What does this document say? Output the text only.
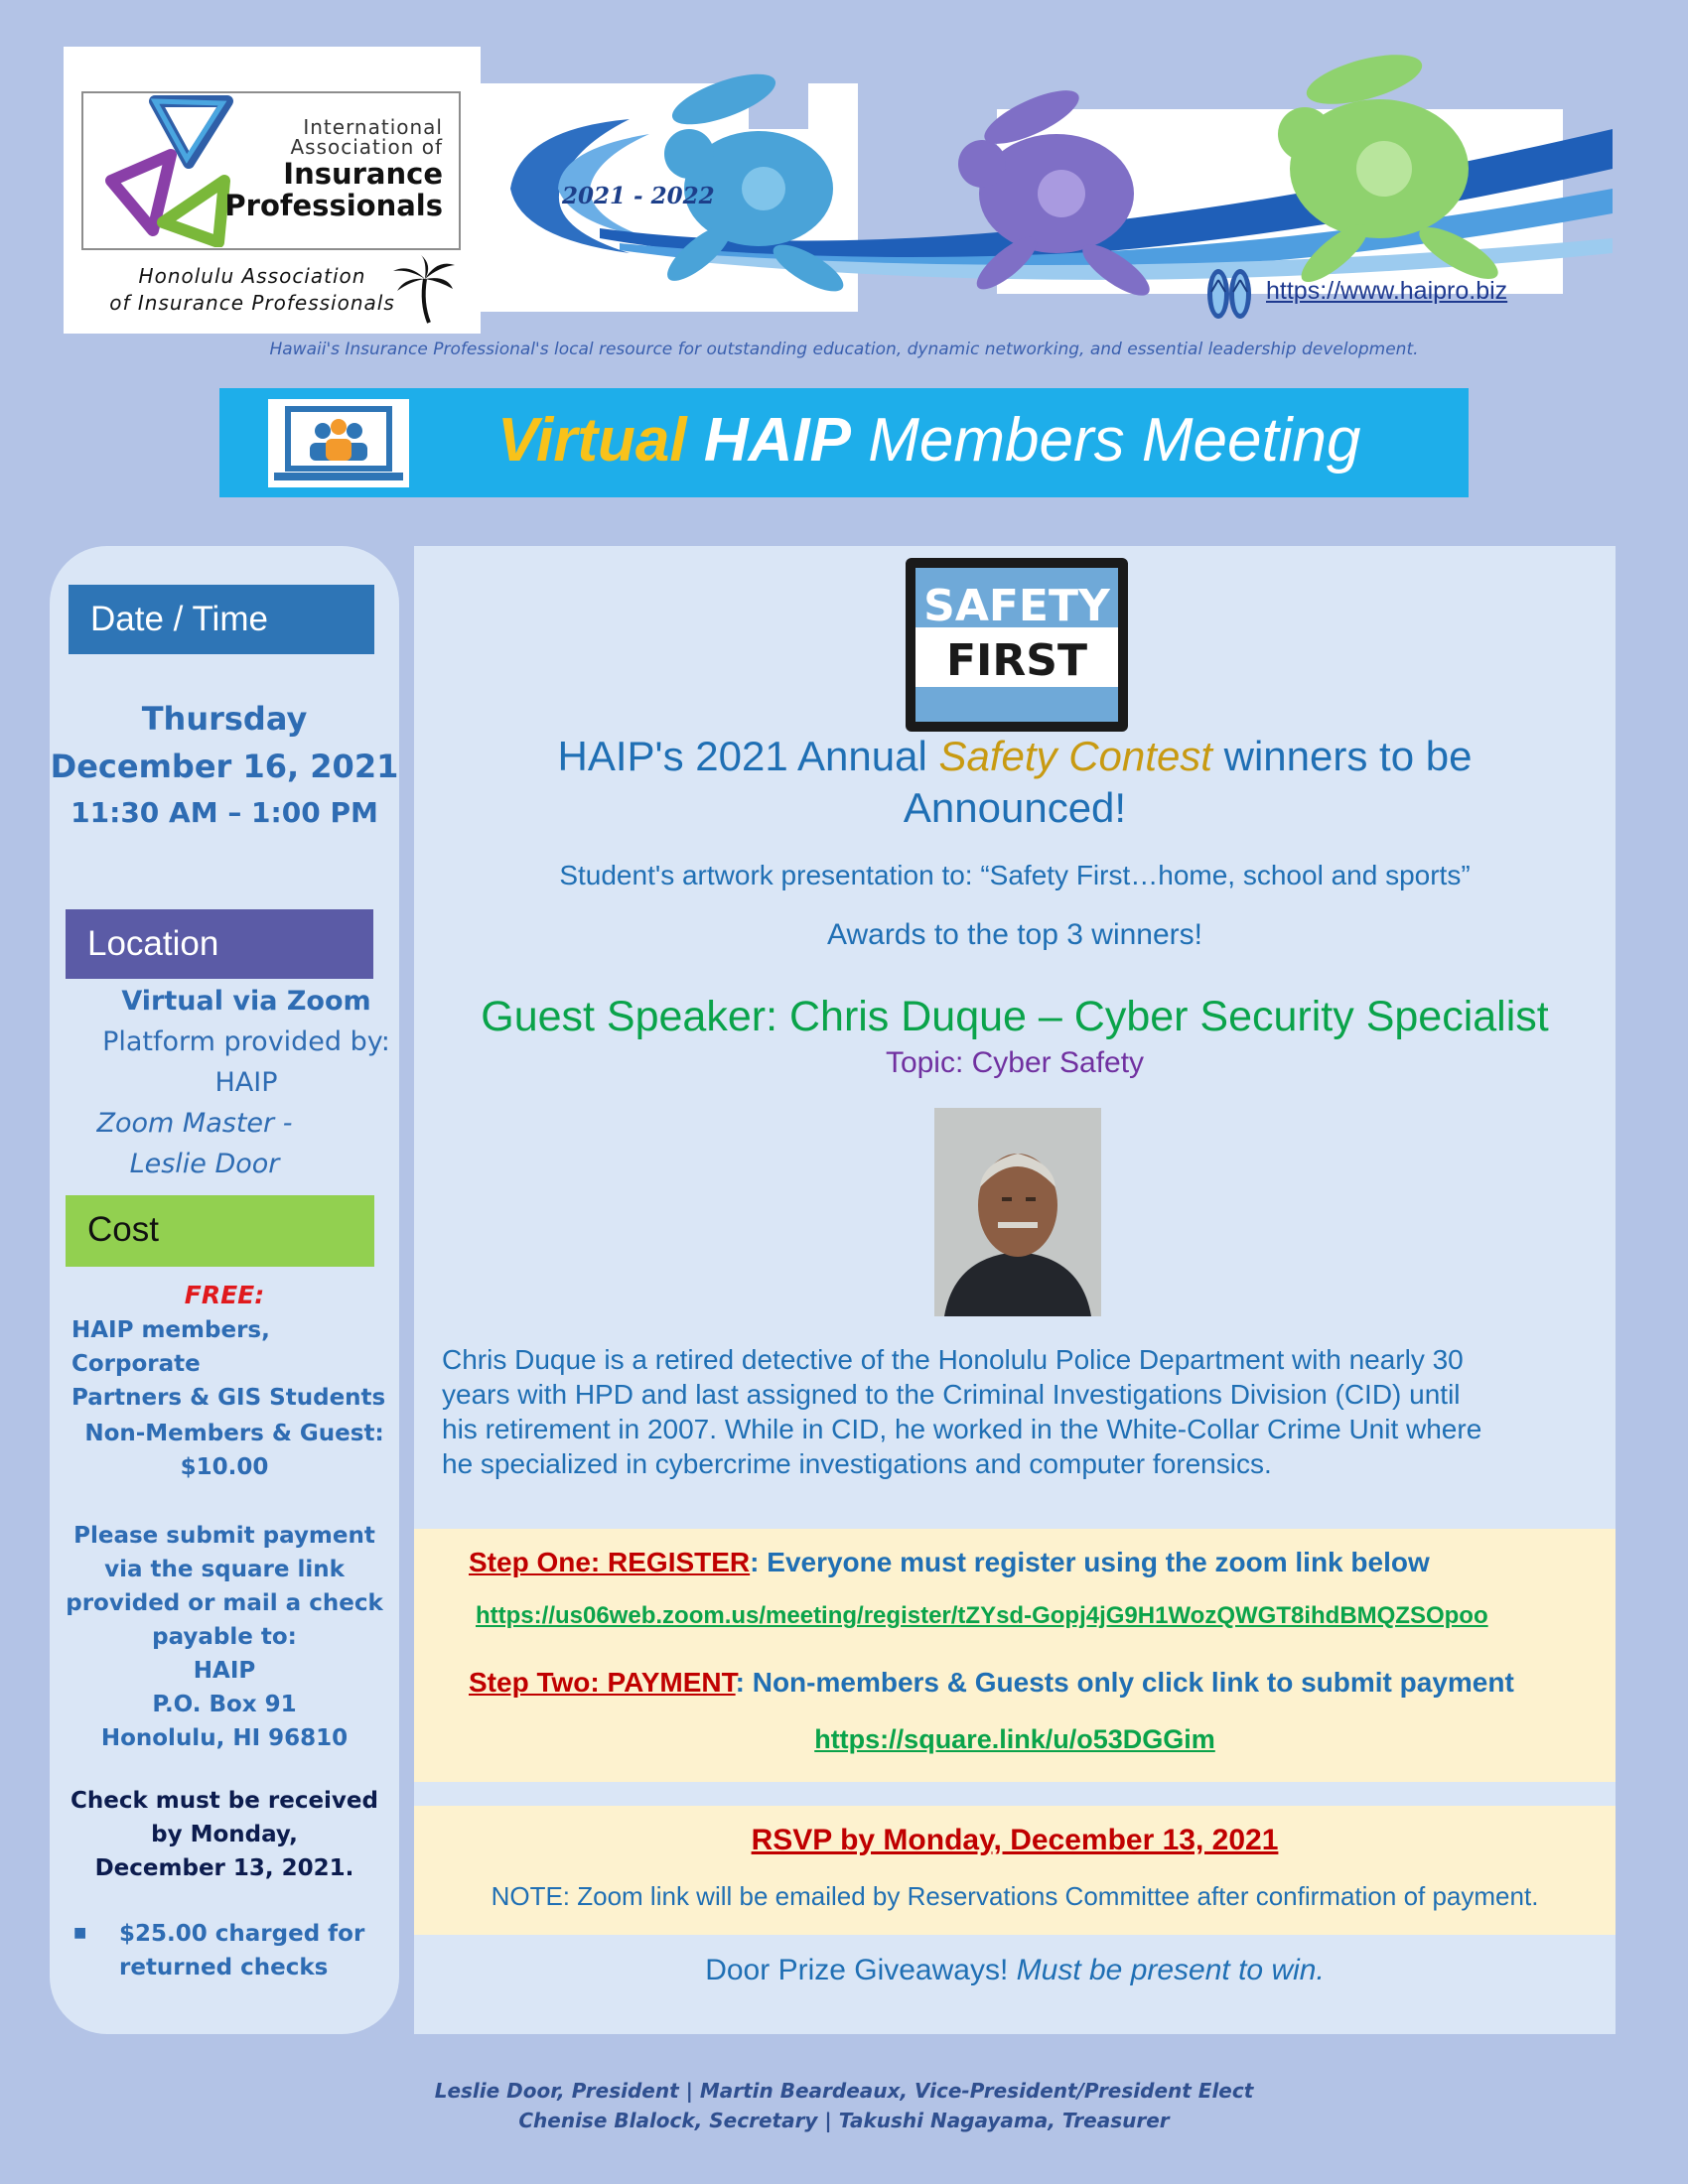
International
Association of
Insurance
Professionals
Honolulu Association
of Insurance Professionals
2021 - 2022
https://www.haipro.biz
Hawaii's Insurance Professional's local resource for outstanding education, dynamic networking, and essential leadership development.
Virtual HAIP Members Meeting
Date / Time
Thursday
December 16, 2021
11:30 AM – 1:00 PM
Location
Virtual via Zoom
Platform provided by:
HAIP
Zoom Master -
Leslie Door
Cost
FREE:
HAIP members, Corporate
Partners & GIS Students
Non-Members & Guest:
$10.00
Please submit payment
via the square link
provided or mail a check
payable to:
HAIP
P.O. Box 91
Honolulu, HI 96810
Check must be received
by Monday,
December 13, 2021.
■ $25.00 charged for
returned checks
SAFETY
FIRST
HAIP's 2021 Annual Safety Contest winners to be
Announced!
Student's artwork presentation to: “Safety First…home, school and sports”
Awards to the top 3 winners!
Guest Speaker: Chris Duque – Cyber Security Specialist
Topic: Cyber Safety
Chris Duque is a retired detective of the Honolulu Police Department with nearly 30
years with HPD and last assigned to the Criminal Investigations Division (CID) until
his retirement in 2007. While in CID, he worked in the White-Collar Crime Unit where
he specialized in cybercrime investigations and computer forensics.
Step One: REGISTER: Everyone must register using the zoom link below
https://us06web.zoom.us/meeting/register/tZYsd-Gopj4jG9H1WozQWGT8ihdBMQZSOpoo
Step Two: PAYMENT: Non-members & Guests only click link to submit payment
https://square.link/u/o53DGGim
RSVP by Monday, December 13, 2021
NOTE: Zoom link will be emailed by Reservations Committee after confirmation of payment.
Door Prize Giveaways! Must be present to win.
Leslie Door, President | Martin Beardeaux, Vice-President/President Elect
Chenise Blalock, Secretary | Takushi Nagayama, Treasurer
